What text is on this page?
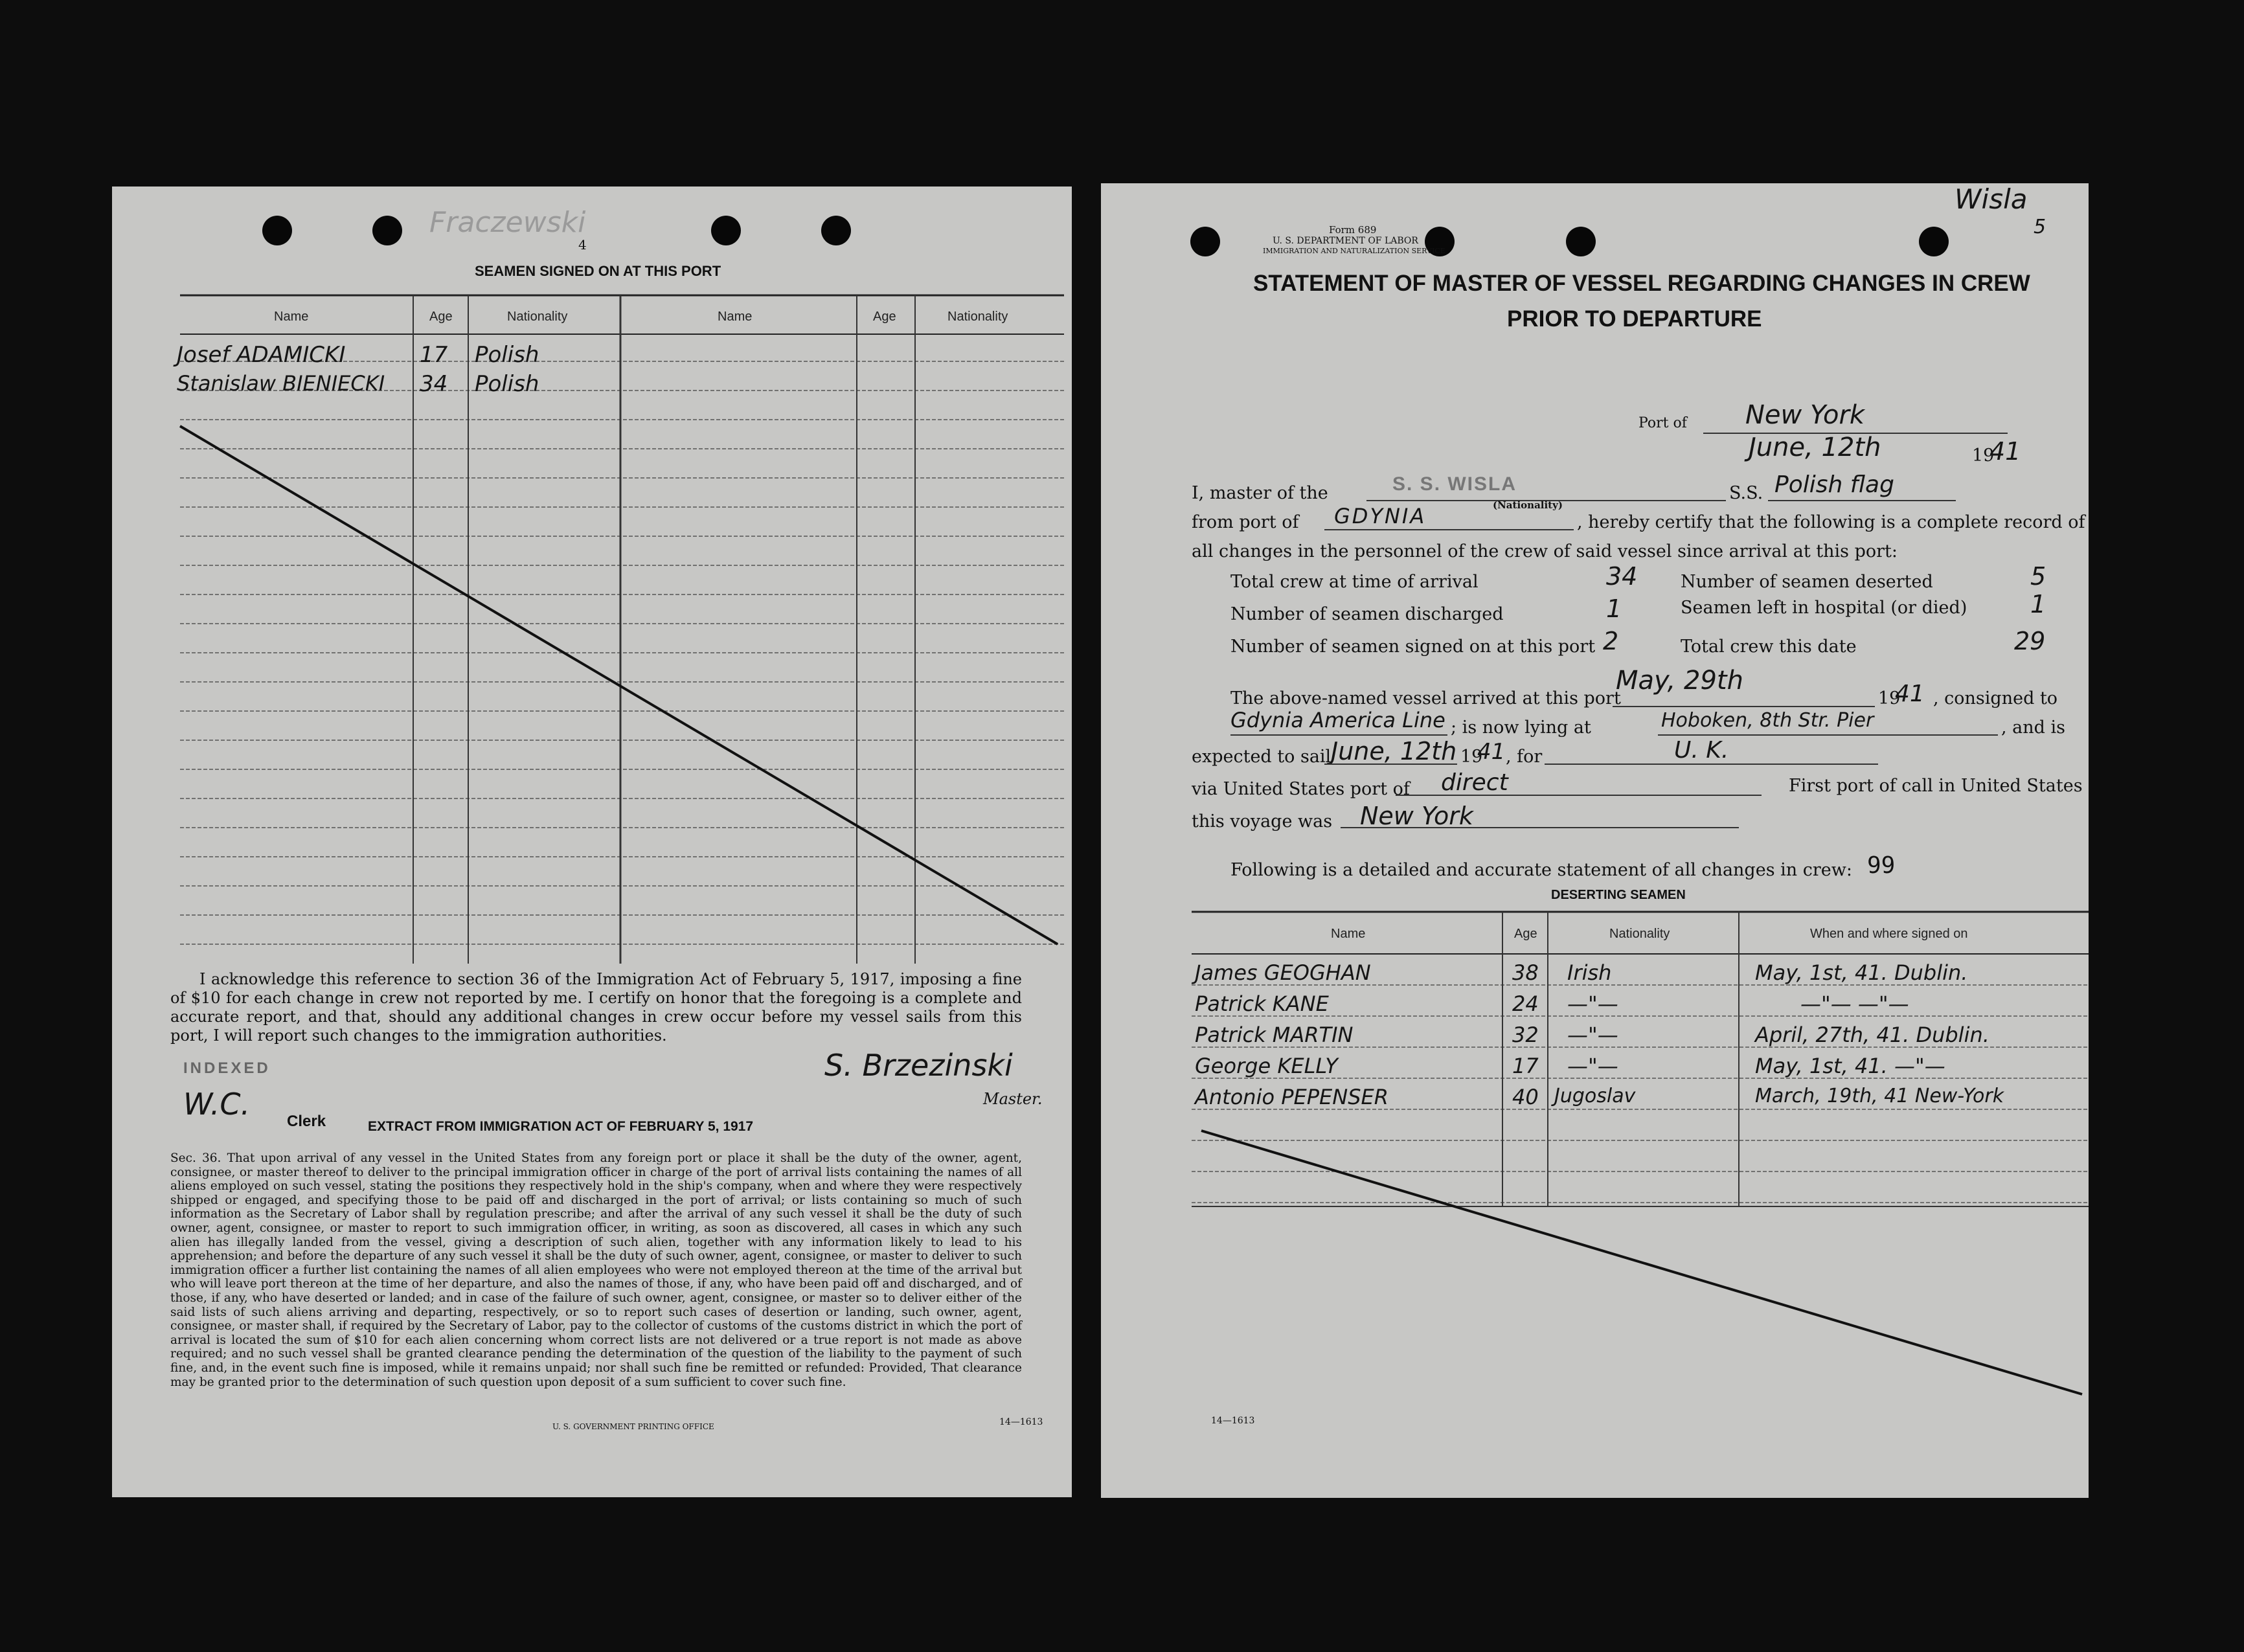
Fraczewski
4
SEAMEN SIGNED ON AT THIS PORT
Name	Age	Nationality	Name	Age	Nationality
Josef ADAMICKI	17 Polish
Stanislaw BIENIECKI 34 Polish
I acknowledge this reference to section 36 of the Immigration Act of February 5, 1917, imposing a fine of $10 for each change in crew not reported by me. I certify on honor that the foregoing is a complete and accurate report, and that, should any additional changes in crew occur before my vessel sails from this port, I will report such changes to the immigration authorities.
INDEXED	S. Brzezinski
Master.
W.C. Clerk	EXTRACT FROM IMMIGRATION ACT OF FEBRUARY 5, 1917
Sec. 36. That upon arrival of any vessel in the United States from any foreign port or place it shall be the duty of the owner, agent, consignee, or master thereof to deliver to the principal immigration officer in charge of the port of arrival lists containing the names of all aliens employed on such vessel, stating the positions they respectively hold in the ship's company, when and where they were respectively shipped or engaged, and specifying those to be paid off and discharged in the port of arrival; or lists containing so much of such information as the Secretary of Labor shall by regulation prescribe; and after the arrival of any such vessel it shall be the duty of such owner, agent, consignee, or master to report to such immigration officer, in writing, as soon as discovered, all cases in which any such alien has illegally landed from the vessel, giving a description of such alien, together with any information likely to lead to his apprehension; and before the departure of any such vessel it shall be the duty of such owner, agent, consignee, or master to deliver to such immigration officer a further list containing the names of all alien employees who were not employed thereon at the time of the arrival but who will leave port thereon at the time of her departure, and also the names of those, if any, who have been paid off and discharged, and of those, if any, who have deserted or landed; and in case of the failure of such owner, agent, consignee, or master so to deliver either of the said lists of such aliens arriving and departing, respectively, or so to report such cases of desertion or landing, such owner, agent, consignee, or master shall, if required by the Secretary of Labor, pay to the collector of customs of the customs district in which the port of arrival is located the sum of $10 for each alien concerning whom correct lists are not delivered or a true report is not made as above required; and no such vessel shall be granted clearance pending the determination of the question of the liability to the payment of such fine, and, in the event such fine is imposed, while it remains unpaid; nor shall such fine be remitted or refunded: Provided, That clearance may be granted prior to the determination of such question upon deposit of a sum sufficient to cover such fine.
U. S. GOVERNMENT PRINTING OFFICE	14—1613
Wisla
5
Form 689
U. S. DEPARTMENT OF LABOR
IMMIGRATION AND NATURALIZATION SERVICE
STATEMENT OF MASTER OF VESSEL REGARDING CHANGES IN CREW
PRIOR TO DEPARTURE
Port of New York
June, 12th	19
41
I, master of the	S. S. WISLA	S.S. Polish flag
(Nationality)
from port of GDYNIA	, hereby certify that the following is a complete record of
all changes in the personnel of the crew of said vessel since arrival at this port:
Total crew at time of arrival	34 Number of seamen deserted	5
Number of seamen discharged	1	Seamen left in hospital (or died)	1
Number of seamen signed on at this port 2	Total crew this date	29
The above-named vessel arrived at this port
May, 29th
19
41 , consigned to
Gdynia America Line ; is now lying at	Hoboken, 8th Str. Pier	, and is
expected to sail June, 12th 19
41 , for	U. K.
via United States port of direct	First port of call in United States
this voyage was New York
Following is a detailed and accurate statement of all changes in crew: 99
DESERTING SEAMEN
Name	Age	Nationality	When and where signed on
James GEOGHAN	38 Irish	May, 1st, 41. Dublin.
Patrick KANE	24 —"—	—"— —"—
Patrick MARTIN	32 —"—	April, 27th, 41. Dublin.
George KELLY	17 —"—	May, 1st, 41. —"—
Antonio PEPENSER	40 Jugoslav	March, 19th, 41 New-York
14—1613
